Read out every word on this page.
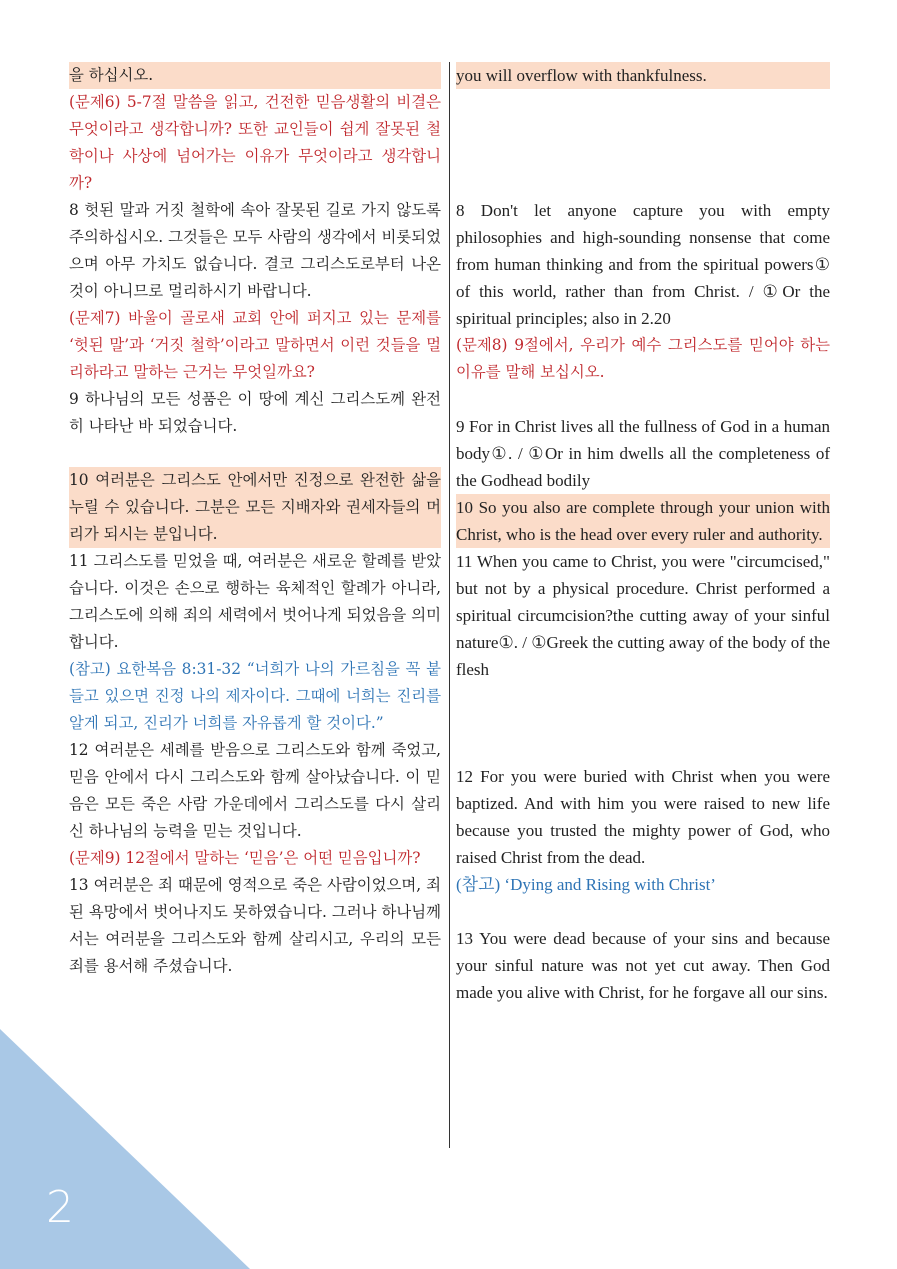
2

을 하십시오.

(문제6) 5-7절 말씀을 읽고, 건전한 믿음생활의 비결은 무엇이라고 생각합니까? 또한 교인들이 쉽게 잘못된 철학이나 사상에 넘어가는 이유가 무엇이라고 생각합니까?

8 헛된 말과 거짓 철학에 속아 잘못된 길로 가지 않도록 주의하십시오. 그것들은 모두 사람의 생각에서 비롯되었으며 아무 가치도 없습니다. 결코 그리스도로부터 나온 것이 아니므로 멀리하시기 바랍니다.

(문제7) 바울이 골로새 교회 안에 퍼지고 있는 문제를 ‘헛된 말’과 ‘거짓 철학’이라고 말하면서 이런 것들을 멀리하라고 말하는 근거는 무엇일까요?

9 하나님의 모든 성품은 이 땅에 계신 그리스도께 완전히 나타난 바 되었습니다.

10 여러분은 그리스도 안에서만 진정으로 완전한 삶을 누릴 수 있습니다. 그분은 모든 지배자와 권세자들의 머리가 되시는 분입니다.

11 그리스도를 믿었을 때, 여러분은 새로운 할례를 받았습니다. 이것은 손으로 행하는 육체적인 할례가 아니라, 그리스도에 의해 죄의 세력에서 벗어나게 되었음을 의미합니다.

(참고) 요한복음 8:31-32 “너희가 나의 가르침을 꼭 붙들고 있으면 진정 나의 제자이다. 그때에 너희는 진리를 알게 되고, 진리가 너희를 자유롭게 할 것이다.”

12 여러분은 세례를 받음으로 그리스도와 함께 죽었고, 믿음 안에서 다시 그리스도와 함께 살아났습니다. 이 믿음은 모든 죽은 사람 가운데에서 그리스도를 다시 살리신 하나님의 능력을 믿는 것입니다.

(문제9) 12절에서 말하는 ‘믿음’은 어떤 믿음입니까?

13 여러분은 죄 때문에 영적으로 죽은 사람이었으며, 죄된 욕망에서 벗어나지도 못하였습니다. 그러나 하나님께서는 여러분을 그리스도와 함께 살리시고, 우리의 모든 죄를 용서해 주셨습니다.

you will overflow with thankfulness.

8 Don't let anyone capture you with empty philosophies and high-sounding nonsense that come from human thinking and from the spiritual powers① of this world, rather than from Christ. / ①Or the spiritual principles; also in 2.20

(문제8) 9절에서, 우리가 예수 그리스도를 믿어야 하는 이유를 말해 보십시오.

9 For in Christ lives all the fullness of God in a human body①. / ①Or in him dwells all the completeness of the Godhead bodily

10 So you also are complete through your union with Christ, who is the head over every ruler and authority.

11 When you came to Christ, you were "circumcised," but not by a physical procedure. Christ performed a spiritual circumcision?the cutting away of your sinful nature①. / ①Greek the cutting away of the body of the flesh

12 For you were buried with Christ when you were baptized. And with him you were raised to new life because you trusted the mighty power of God, who raised Christ from the dead.

(참고) ‘Dying and Rising with Christ’

13 You were dead because of your sins and because your sinful nature was not yet cut away. Then God made you alive with Christ, for he forgave all our sins.
